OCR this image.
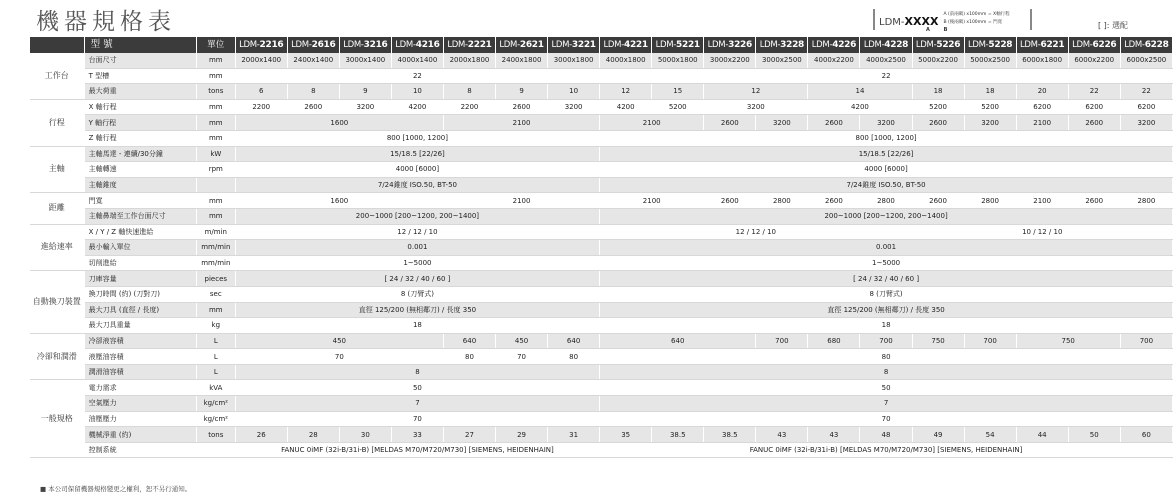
機器規格表	LDM-XXXX
A B
A (前兩碼) x100mm = X軸行程
B (後兩碼) x100mm = 門寬	[ ]: 選配
	型號	單位	LDM-2216	LDM-2616	LDM-3216	LDM-4216	LDM-2221	LDM-2621	LDM-3221	LDM-4221	LDM-5221	LDM-3226	LDM-3228	LDM-4226	LDM-4228	LDM-5226	LDM-5228	LDM-6221	LDM-6226	LDM-6228
工作台	台面尺寸	mm	2000x1400	2400x1400	3000x1400	4000x1400	2000x1800	2400x1800	3000x1800	4000x1800	5000x1800	3000x2200	3000x2500	4000x2200	4000x2500	5000x2200	5000x2500	6000x1800	6000x2200	6000x2500
	T 型槽	mm	22							22										
	最大荷重	tons	6	8	9	10	8	9	10	12	15	12		14		18	18	20	22	22
行程	X 軸行程	mm	2200	2600	3200	4200	2200	2600	3200	4200	5200	3200		4200		5200	5200	6200	6200	6200
	Y 軸行程	mm	1600				2100			2100		2600	3200	2600	3200	2600	3200	2100	2600	3200
	Z 軸行程	mm	800 [1000, 1200]							800 [1000, 1200]										
主軸	主軸馬達 - 連續/30分鐘	kW	15/18.5 [22/26]							15/18.5 [22/26]										
	主軸轉速	rpm	4000 [6000]							4000 [6000]										
	主軸錐度		7/24錐度 ISO.50, BT-50							7/24錐度 ISO.50, BT-50										
距離	門寬	mm	1600				2100			2100		2600	2800	2600	2800	2600	2800	2100	2600	2800
	主軸鼻端至工作台面尺寸	mm	200~1000 [200~1200, 200~1400]							200~1000 [200~1200, 200~1400]										
進給速率	X / Y / Z 軸快速進給	m/min	12 / 12 / 10							12 / 12 / 10						10 / 12 / 10				
	最小輸入單位	mm/min	0.001							0.001										
	切削進給	mm/min	1~5000							1~5000										
自動換刀裝置	刀庫容量	pieces	[ 24 / 32 / 40 / 60 ]							[ 24 / 32 / 40 / 60 ]										
	換刀時間 (約) (刀對刀)	sec	8 (刀臂式)							8 (刀臂式)										
	最大刀具 (直徑 / 長度)	mm	直徑 125/200 (無相鄰刀) / 長度 350							直徑 125/200 (無相鄰刀) / 長度 350										
	最大刀具重量	kg	18							18										
冷卻和潤滑	冷卻液容積	L	450				640	450	640	640			700	680	700	750	700	750		700
	液壓油容積	L	70				80	70	80	80										
	潤滑油容積	L	8							8										
一般規格	電力需求	kVA	50							50										
	空氣壓力	kg/cm²	7							7										
	油壓壓力	kg/cm²	70							70										
	機械淨重 (約)	tons	26	28	30	33	27	29	31	35	38.5	38.5	43	43	48	49	54	44	50	60
	控制系統		FANUC 0iMF (32i-B/31i-B) [MELDAS M70/M720/M730] [SIEMENS, HEIDENHAIN]							FANUC 0iMF (32i-B/31i-B) [MELDAS M70/M720/M730] [SIEMENS, HEIDENHAIN]										
■ 本公司保留機器規格變更之權利，恕不另行通知。
